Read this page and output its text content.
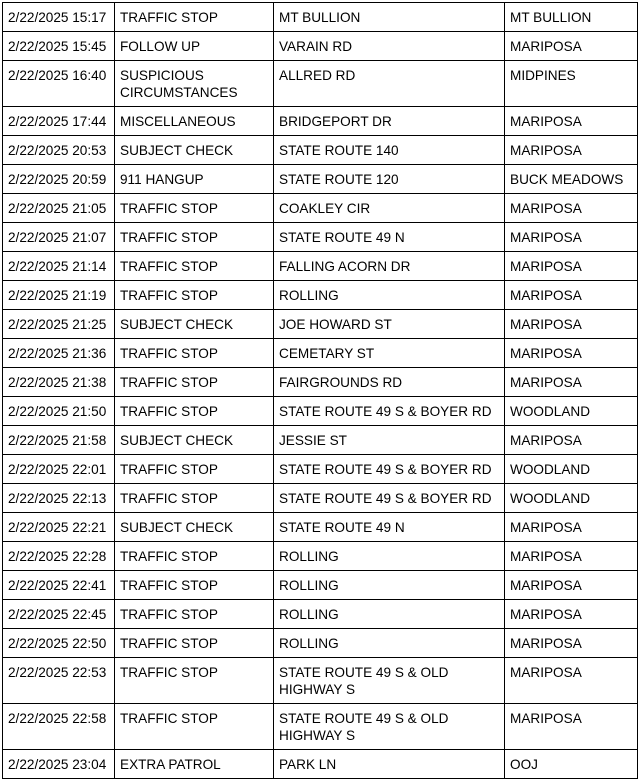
2/22/2025 15:17	TRAFFIC STOP	MT BULLION	MT BULLION
2/22/2025 15:45	FOLLOW UP	VARAIN RD	MARIPOSA
2/22/2025 16:40	SUSPICIOUS CIRCUMSTANCES	ALLRED RD	MIDPINES
2/22/2025 17:44	MISCELLANEOUS	BRIDGEPORT DR	MARIPOSA
2/22/2025 20:53	SUBJECT CHECK	STATE ROUTE 140	MARIPOSA
2/22/2025 20:59	911 HANGUP	STATE ROUTE 120	BUCK MEADOWS
2/22/2025 21:05	TRAFFIC STOP	COAKLEY CIR	MARIPOSA
2/22/2025 21:07	TRAFFIC STOP	STATE ROUTE 49 N	MARIPOSA
2/22/2025 21:14	TRAFFIC STOP	FALLING ACORN DR	MARIPOSA
2/22/2025 21:19	TRAFFIC STOP	ROLLING	MARIPOSA
2/22/2025 21:25	SUBJECT CHECK	JOE HOWARD ST	MARIPOSA
2/22/2025 21:36	TRAFFIC STOP	CEMETARY ST	MARIPOSA
2/22/2025 21:38	TRAFFIC STOP	FAIRGROUNDS RD	MARIPOSA
2/22/2025 21:50	TRAFFIC STOP	STATE ROUTE 49 S & BOYER RD	WOODLAND
2/22/2025 21:58	SUBJECT CHECK	JESSIE ST	MARIPOSA
2/22/2025 22:01	TRAFFIC STOP	STATE ROUTE 49 S & BOYER RD	WOODLAND
2/22/2025 22:13	TRAFFIC STOP	STATE ROUTE 49 S & BOYER RD	WOODLAND
2/22/2025 22:21	SUBJECT CHECK	STATE ROUTE 49 N	MARIPOSA
2/22/2025 22:28	TRAFFIC STOP	ROLLING	MARIPOSA
2/22/2025 22:41	TRAFFIC STOP	ROLLING	MARIPOSA
2/22/2025 22:45	TRAFFIC STOP	ROLLING	MARIPOSA
2/22/2025 22:50	TRAFFIC STOP	ROLLING	MARIPOSA
2/22/2025 22:53	TRAFFIC STOP	STATE ROUTE 49 S & OLD HIGHWAY S	MARIPOSA
2/22/2025 22:58	TRAFFIC STOP	STATE ROUTE 49 S & OLD HIGHWAY S	MARIPOSA
2/22/2025 23:04	EXTRA PATROL	PARK LN	OOJ
